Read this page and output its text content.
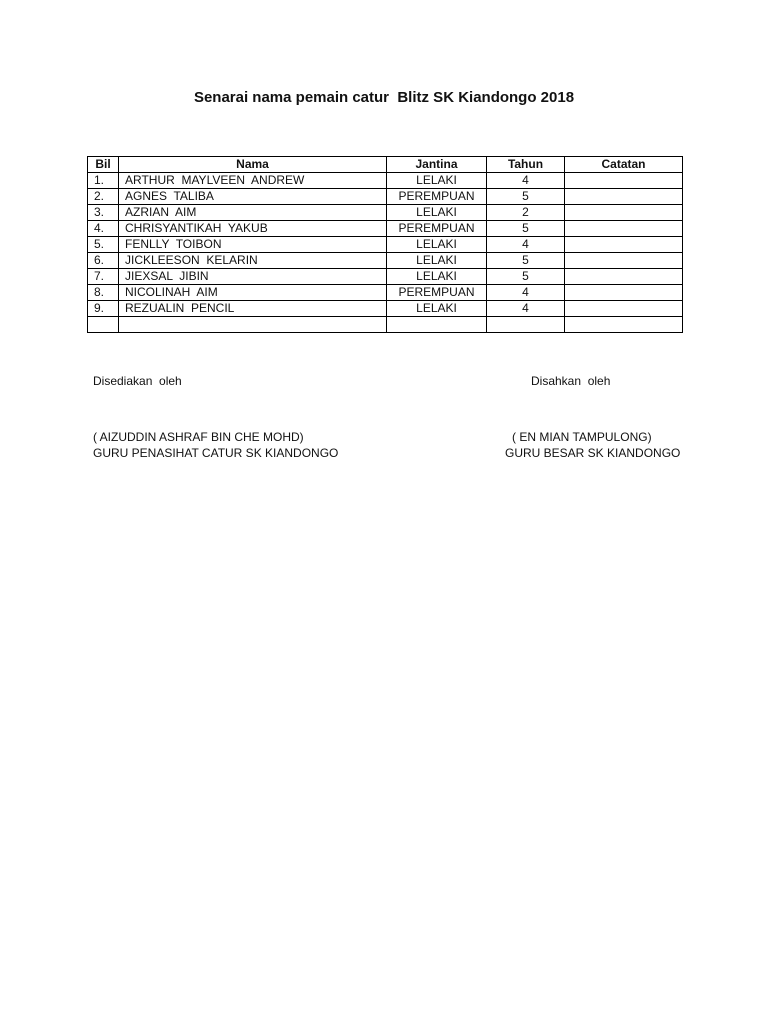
Senarai nama pemain catur  Blitz SK Kiandongo 2018
Bil	Nama	Jantina	Tahun	Catatan
1.	ARTHUR  MAYLVEEN  ANDREW	LELAKI	4	
2.	AGNES  TALIBA	PEREMPUAN	5	
3.	AZRIAN  AIM	LELAKI	2	
4.	CHRISYANTIKAH  YAKUB	PEREMPUAN	5	
5.	FENLLY  TOIBON	LELAKI	4	
6.	JICKLEESON  KELARIN	LELAKI	5	
7.	JIEXSAL  JIBIN	LELAKI	5	
8.	NICOLINAH  AIM	PEREMPUAN	4	
9.	REZUALIN  PENCIL	LELAKI	4	

Disediakan  oleh	Disahkan  oleh
( AIZUDDIN ASHRAF BIN CHE MOHD)	( EN MIAN TAMPULONG)
GURU PENASIHAT CATUR SK KIANDONGO	GURU BESAR SK KIANDONGO
